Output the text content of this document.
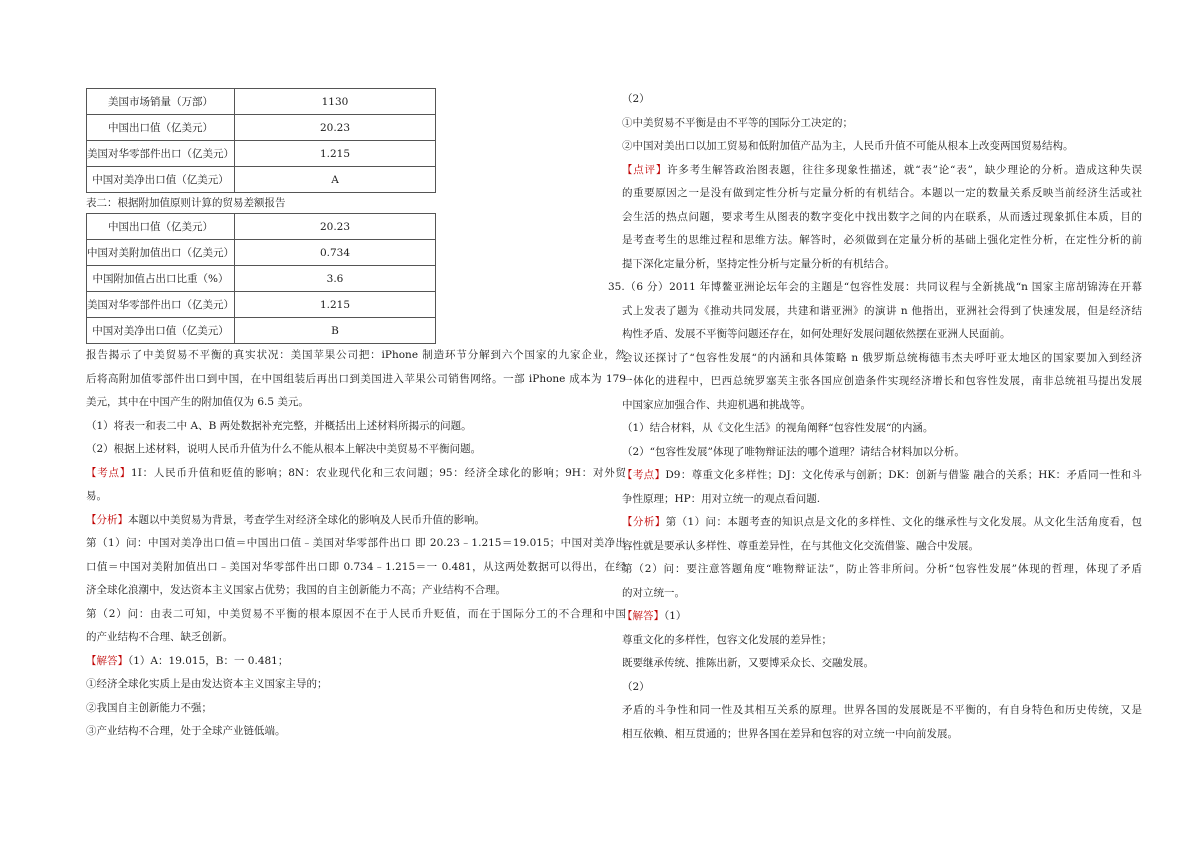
美国市场销量（万部）	1130
中国出口值（亿美元）	20.23
美国对华零部件出口（亿美元）	1.215
中国对美净出口值（亿美元）	A
表二：根据附加值原则计算的贸易差额报告
中国出口值（亿美元）	20.23
中国对美附加值出口（亿美元）	0.734
中国附加值占出口比重（%）	3.6
美国对华零部件出口（亿美元）	1.215
中国对美净出口值（亿美元）	B
报告揭示了中美贸易不平衡的真实状况：美国苹果公司把：iPhone 制造环节分解到六个国家的九家企业，然
后将高附加值零部件出口到中国，在中国组装后再出口到美国进入苹果公司销售网络。一部 iPhone 成本为 179
美元，其中在中国产生的附加值仅为 6.5 美元。
（1）将表一和表二中 A、B 两处数据补充完整，并概括出上述材料所揭示的问题。
（2）根据上述材料，说明人民币升值为什么不能从根本上解决中美贸易不平衡问题。
【考点】1I：人民币升值和贬值的影响；8N：农业现代化和三农问题；95：经济全球化的影响；9H：对外贸
易。
【分析】本题以中美贸易为背景，考查学生对经济全球化的影响及人民币升值的影响。
第（1）问：中国对美净出口值＝中国出口值﹣美国对华零部件出口 即 20.23﹣1.215＝19.015；中国对美净出
口值＝中国对美附加值出口﹣美国对华零部件出口即 0.734﹣1.215＝一 0.481，从这两处数据可以得出，在经
济全球化浪潮中，发达资本主义国家占优势；我国的自主创新能力不高；产业结构不合理。
第（2）问：由表二可知，中美贸易不平衡的根本原因不在于人民币升贬值，而在于国际分工的不合理和中国
的产业结构不合理、缺乏创新。
【解答】（1）A：19.015，B：一 0.481；
①经济全球化实质上是由发达资本主义国家主导的；
②我国自主创新能力不强；
③产业结构不合理，处于全球产业链低端。
（2）
①中美贸易不平衡是由不平等的国际分工决定的；
②中国对美出口以加工贸易和低附加值产品为主，人民币升值不可能从根本上改变两国贸易结构。
【点评】许多考生解答政治图表题，往往多现象性描述，就“表”论“表”，缺少理论的分析。造成这种失误
的重要原因之一是没有做到定性分析与定量分析的有机结合。本题以一定的数量关系反映当前经济生活或社
会生活的热点问题，要求考生从图表的数字变化中找出数字之间的内在联系，从而透过现象抓住本质，目的
是考查考生的思维过程和思维方法。解答时，必须做到在定量分析的基础上强化定性分析，在定性分析的前
提下深化定量分析，坚持定性分析与定量分析的有机结合。
35.（6 分）2011 年博鳌亚洲论坛年会的主题是“包容性发展：共同议程与全新挑战“n 国家主席胡锦涛在开幕
式上发表了题为《推动共同发展，共建和谐亚洲》的演讲 n 他指出，亚洲社会得到了快速发展，但是经济结
构性矛盾、发展不平衡等问题还存在，如何处理好发展问题依然摆在亚洲人民面前。
会议还探讨了“包容性发展“的内涵和具体策略 n 俄罗斯总统梅德韦杰夫呼吁亚太地区的国家要加入到经济
一体化的进程中，巴西总统罗塞芙主张各国应创造条件实现经济增长和包容性发展，南非总统祖马提出发展
中国家应加强合作、共迎机遇和挑战等。
（1）结合材料，从《文化生活》的视角阐释“包容性发展“的内涵。
（2）“包容性发展”体现了唯物辩证法的哪个道理？请结合材料加以分析。
【考点】D9：尊重文化多样性；DJ：文化传承与创新；DK：创新与借鉴 融合的关系；HK：矛盾同一性和斗
争性原理；HP：用对立统一的观点看问题.
【分析】第（1）问：本题考查的知识点是文化的多样性、文化的继承性与文化发展。从文化生活角度看，包
容性就是要承认多样性、尊重差异性，在与其他文化交流借鉴、融合中发展。
第（2）问：要注意答题角度“唯物辩证法”，防止答非所问。分析“包容性发展”体现的哲理，体现了矛盾
的对立统一。
【解答】（1）
尊重文化的多样性，包容文化发展的差异性；
既要继承传统、推陈出新，又要博采众长、交融发展。
（2）
矛盾的斗争性和同一性及其相互关系的原理。世界各国的发展既是不平衡的，有自身特色和历史传统，又是
相互依赖、相互贯通的；世界各国在差异和包容的对立统一中向前发展。
